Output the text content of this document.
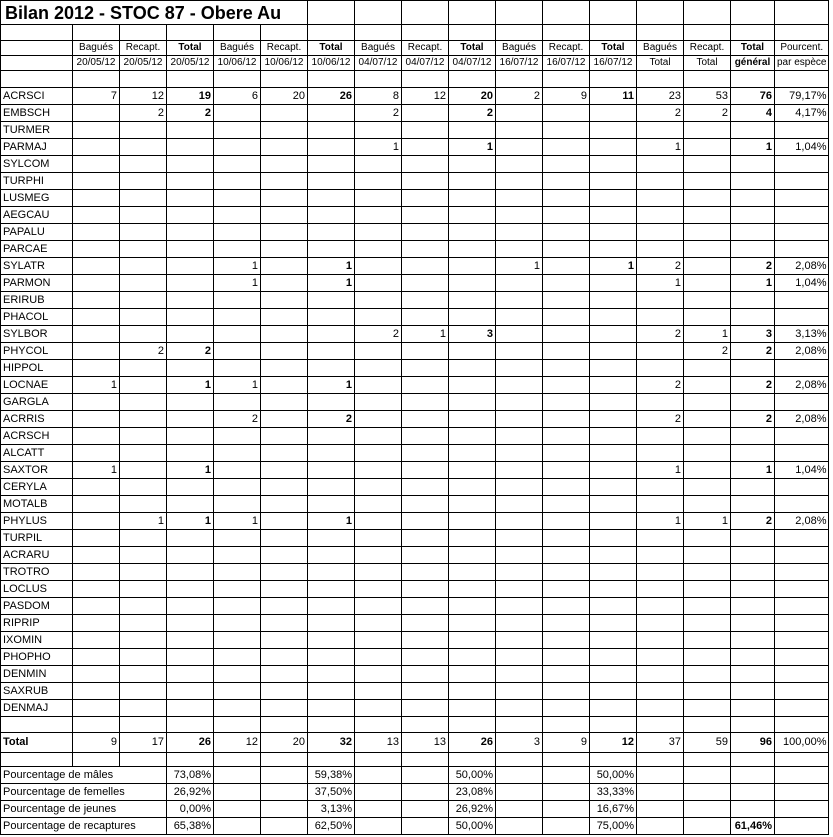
Bilan 2012 - STOC 87 - Obere Au																

	Bagués	Recapt.	Total	Bagués	Recapt.	Total	Bagués	Recapt.	Total	Bagués	Recapt.	Total	Bagués	Recapt.	Total	Pourcent.
	20/05/12	20/05/12	20/05/12	10/06/12	10/06/12	10/06/12	04/07/12	04/07/12	04/07/12	16/07/12	16/07/12	16/07/12	Total	Total	général	par espèce

ACRSCI	7	12	19	6	20	26	8	12	20	2	9	11	23	53	76	79,17%
EMBSCH		2	2				2		2				2	2	4	4,17%
TURMER																
PARMAJ							1		1				1		1	1,04%
SYLCOM																
TURPHI																
LUSMEG																
AEGCAU																
PAPALU																
PARCAE																
SYLATR				1		1				1		1	2		2	2,08%
PARMON				1		1							1		1	1,04%
ERIRUB																
PHACOL																
SYLBOR							2	1	3				2	1	3	3,13%
PHYCOL		2	2											2	2	2,08%
HIPPOL																
LOCNAE	1		1	1		1							2		2	2,08%
GARGLA																
ACRRIS				2		2							2		2	2,08%
ACRSCH																
ALCATT																
SAXTOR	1		1										1		1	1,04%
CERYLA																
MOTALB																
PHYLUS		1	1	1		1							1	1	2	2,08%
TURPIL																
ACRARU																
TROTRO																
LOCLUS																
PASDOM																
RIPRIP																
IXOMIN																
PHOPHO																
DENMIN																
SAXRUB																
DENMAJ																

Total	9	17	26	12	20	32	13	13	26	3	9	12	37	59	96	100,00%

Pourcentage de mâles			73,08%			59,38%			50,00%			50,00%				
Pourcentage de femelles			26,92%			37,50%			23,08%			33,33%				
Pourcentage de jeunes			0,00%			3,13%			26,92%			16,67%				
Pourcentage de recaptures			65,38%			62,50%			50,00%			75,00%			61,46%	
